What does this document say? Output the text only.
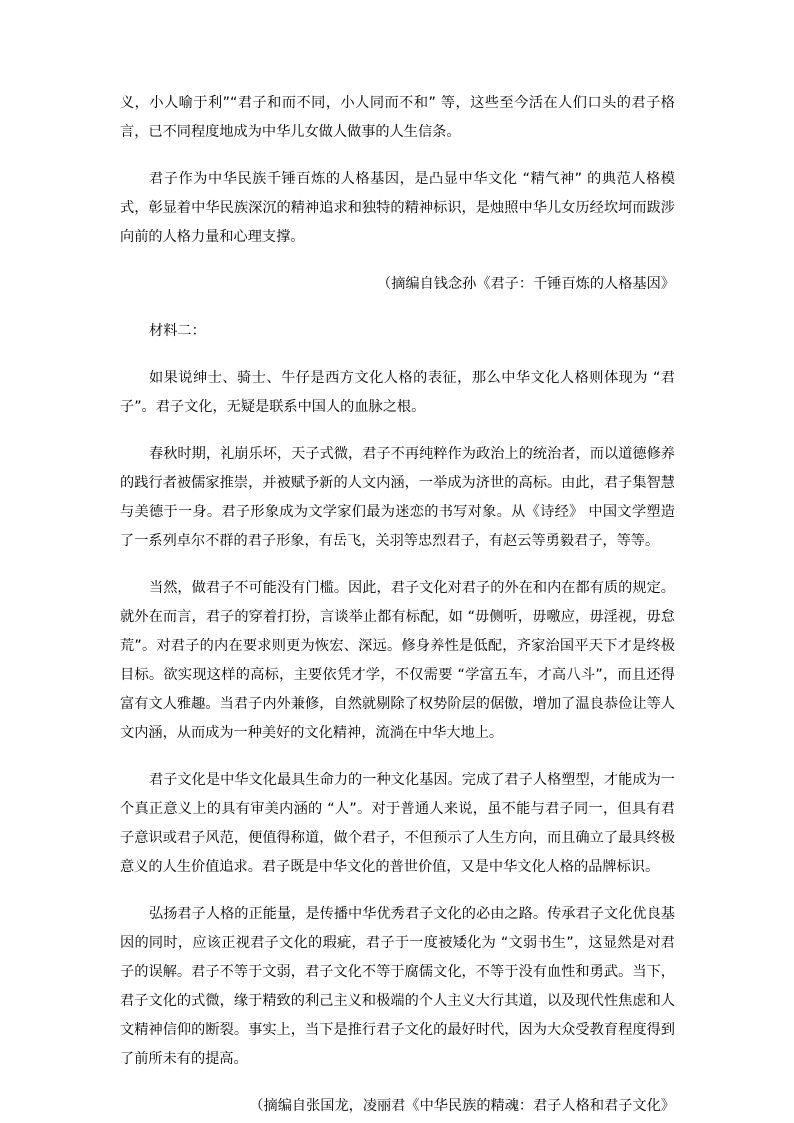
义，小人喻于利”“君子和而不同，小人同而不和” 等，这些至今活在人们口头的君子格言，已不同程度地成为中华儿女做人做事的人生信条。

君子作为中华民族千锤百炼的人格基因，是凸显中华文化 “精气神” 的典范人格模式，彰显着中华民族深沉的精神追求和独特的精神标识，是烛照中华儿女历经坎坷而跋涉向前的人格力量和心理支撑。

（摘编自钱念孙《君子：千锤百炼的人格基因》

材料二：

如果说绅士、骑士、牛仔是西方文化人格的表征，那么中华文化人格则体现为 “君子”。君子文化，无疑是联系中国人的血脉之根。

春秋时期，礼崩乐坏，天子式微，君子不再纯粹作为政治上的统治者，而以道德修养的践行者被儒家推崇，并被赋予新的人文内涵，一举成为济世的高标。由此，君子集智慧与美德于一身。君子形象成为文学家们最为迷恋的书写对象。从《诗经》 中国文学塑造了一系列卓尔不群的君子形象，有岳飞，关羽等忠烈君子，有赵云等勇毅君子，等等。

当然，做君子不可能没有门槛。因此，君子文化对君子的外在和内在都有质的规定。就外在而言，君子的穿着打扮，言谈举止都有标配，如 “毋侧听，毋噭应，毋淫视，毋怠荒”。对君子的内在要求则更为恢宏、深远。修身养性是低配，齐家治国平天下才是终极目标。欲实现这样的高标，主要依凭才学，不仅需要 “学富五车，才高八斗”，而且还得富有文人雅趣。当君子内外兼修，自然就剔除了权势阶层的倨傲，增加了温良恭俭让等人文内涵，从而成为一种美好的文化精神，流淌在中华大地上。

君子文化是中华文化最具生命力的一种文化基因。完成了君子人格塑型，才能成为一个真正意义上的具有审美内涵的 “人”。对于普通人来说，虽不能与君子同一，但具有君子意识或君子风范，便值得称道，做个君子，不但预示了人生方向，而且确立了最具终极意义的人生价值追求。君子既是中华文化的普世价值，又是中华文化人格的品牌标识。

弘扬君子人格的正能量，是传播中华优秀君子文化的必由之路。传承君子文化优良基因的同时，应该正视君子文化的瑕疵，君子于一度被矮化为 “文弱书生”，这显然是对君子的误解。君子不等于文弱，君子文化不等于腐儒文化，不等于没有血性和勇武。当下，君子文化的式微，缘于精致的利己主义和极端的个人主义大行其道，以及现代性焦虑和人文精神信仰的断裂。事实上，当下是推行君子文化的最好时代，因为大众受教育程度得到了前所未有的提高。

（摘编自张国龙，凌丽君《中华民族的精魂：君子人格和君子文化》
